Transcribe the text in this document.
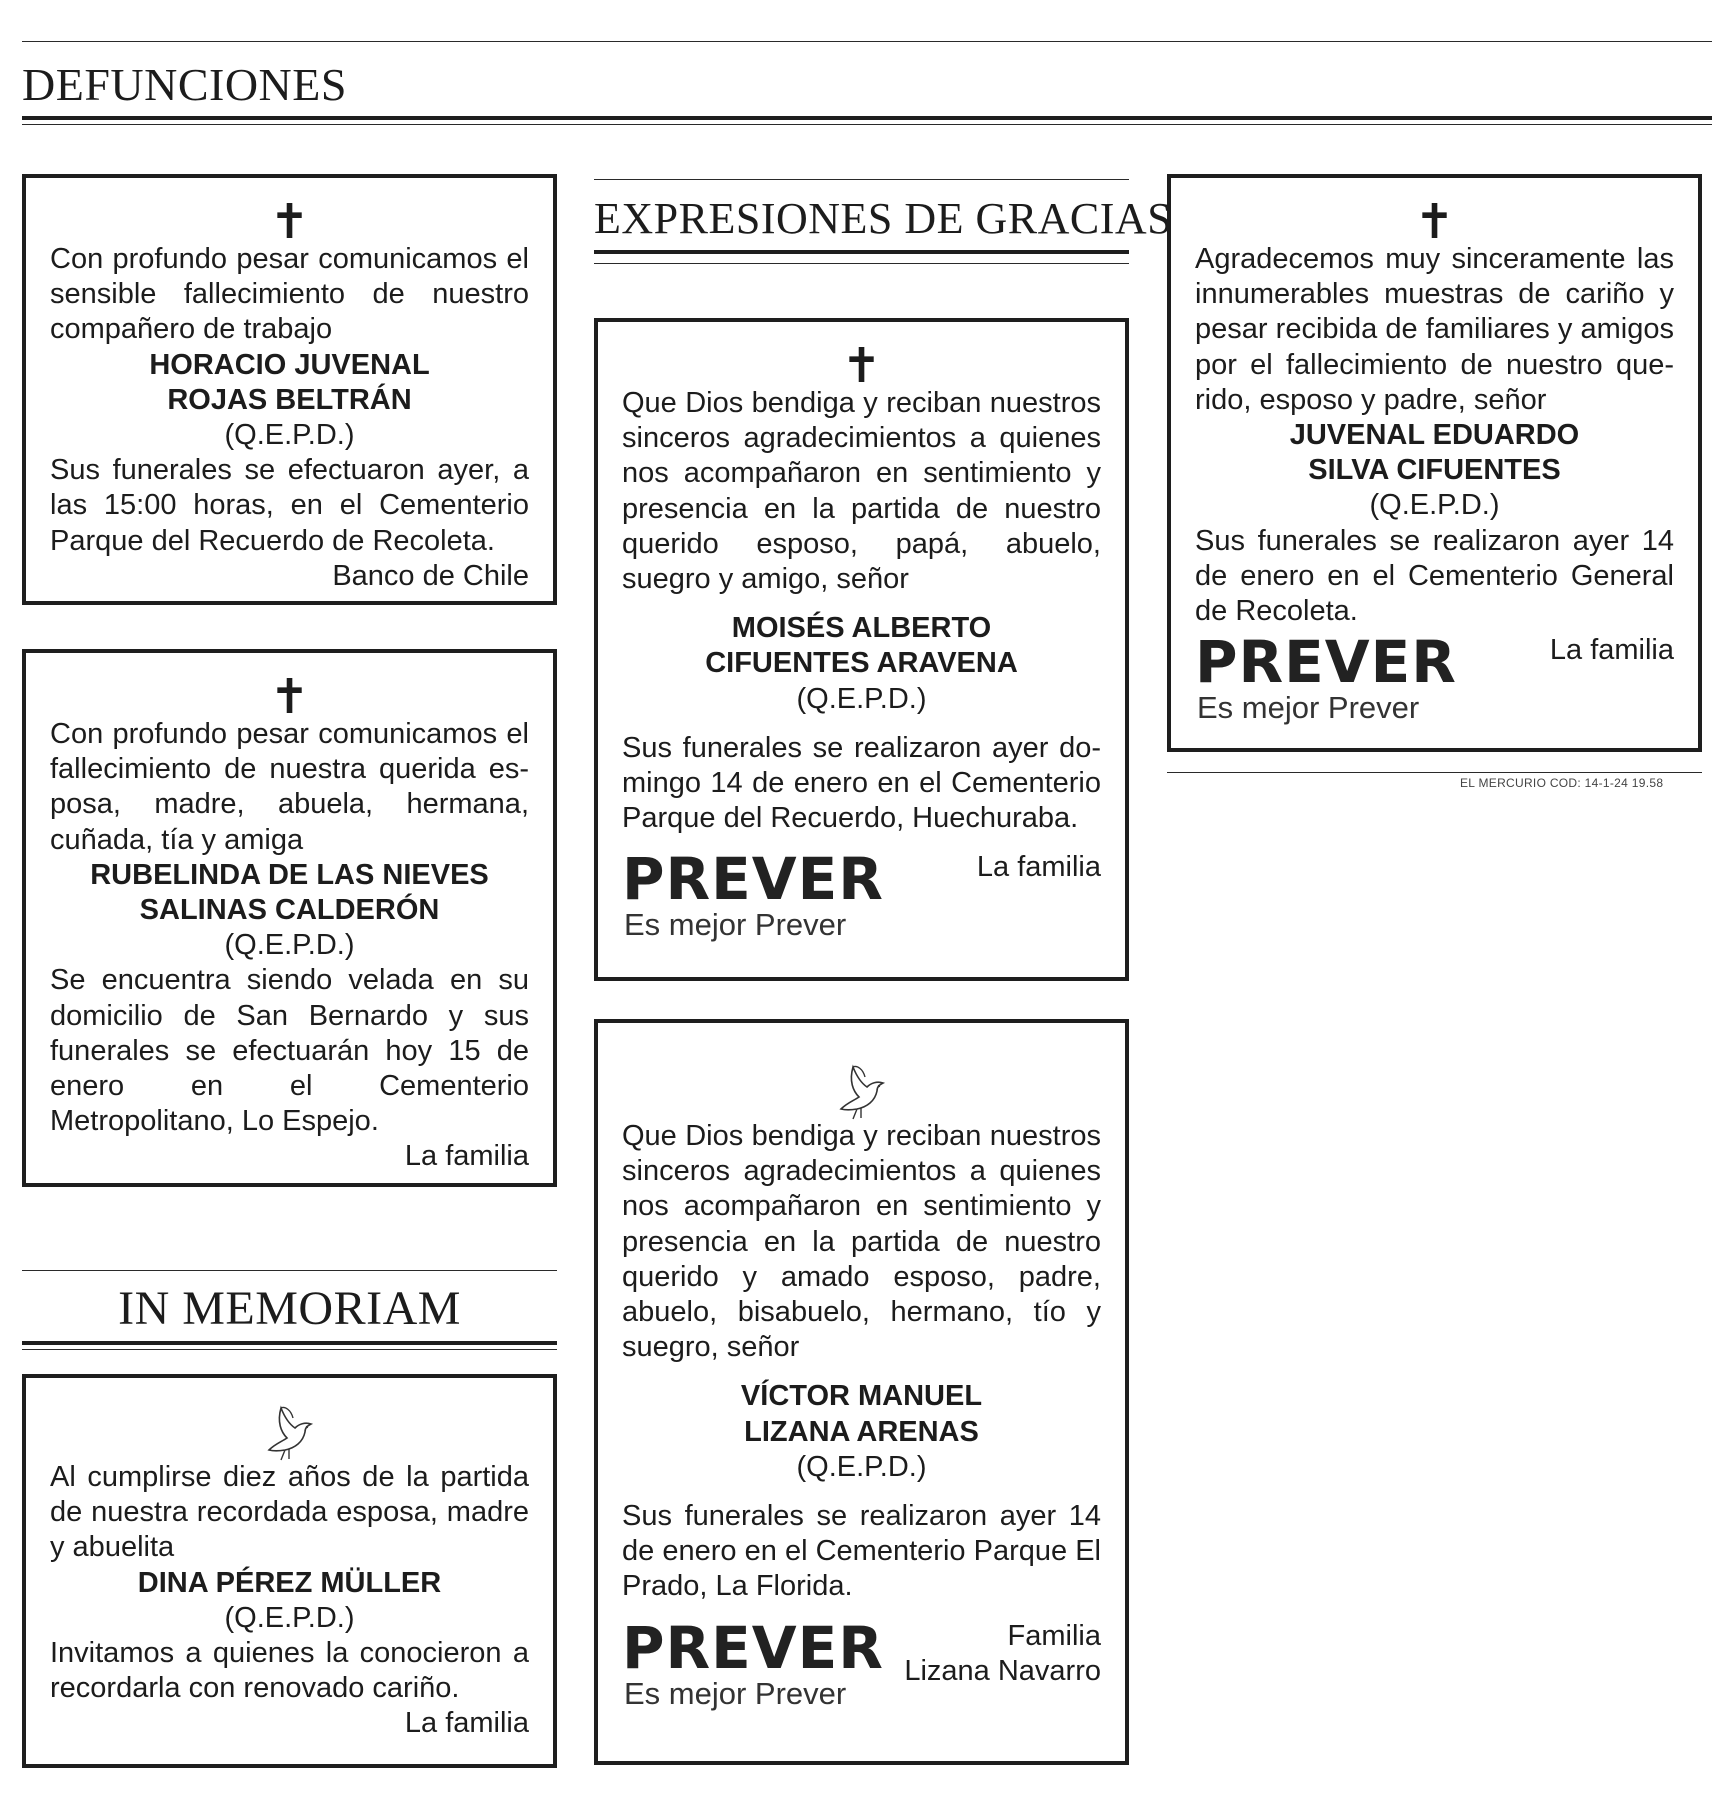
DEFUNCIONES
✝

Con profundo pesar comunicamos el sensible fallecimiento de nuestro compañero de trabajo

HORACIO JUVENAL

ROJAS BELTRÁN

(Q.E.P.D.)

Sus funerales se efectuaron ayer, a las 15:00 horas, en el Cementerio Parque del Recuerdo de Recoleta.

Banco de Chile

✝

Con profundo pesar comunicamos el fallecimiento de nuestra querida esposa, madre, abuela, hermana, cuñada, tía y amiga

RUBELINDA DE LAS NIEVES

SALINAS CALDERÓN

(Q.E.P.D.)

Se encuentra siendo velada en su domicilio de San Bernardo y sus funerales se efectuarán hoy 15 de enero en el Cementerio Metropolitano, Lo Espejo.

La familia

IN MEMORIAM

Al cumplirse diez años de la partida de nuestra recordada esposa, madre y abuelita

DINA PÉREZ MÜLLER

(Q.E.P.D.)

Invitamos a quienes la conocieron a recordarla con renovado cariño.

La familia

EXPRESIONES DE GRACIAS
✝

Que Dios bendiga y reciban nuestros sinceros agradecimientos a quienes nos acompañaron en sentimiento y presencia en la partida de nuestro querido esposo, papá, abuelo, suegro y amigo, señor

MOISÉS ALBERTO

CIFUENTES ARAVENA

(Q.E.P.D.)

Sus funerales se realizaron ayer domingo 14 de enero en el Cementerio Parque del Recuerdo, Huechuraba.

PREVER
Es mejor Prever
La familia

Que Dios bendiga y reciban nuestros sinceros agradecimientos a quienes nos acompañaron en sentimiento y presencia en la partida de nuestro querido y amado esposo, padre, abuelo, bisabuelo, hermano, tío y suegro, señor

VÍCTOR MANUEL

LIZANA ARENAS

(Q.E.P.D.)

Sus funerales se realizaron ayer 14 de enero en el Cementerio Parque El Prado, La Florida.

PREVER
Es mejor Prever
Familia
Lizana Navarro
✝

Agradecemos muy sinceramente las innumerables muestras de cariño y pesar recibida de familiares y amigos por el fallecimiento de nuestro querido, esposo y padre, señor

JUVENAL EDUARDO

SILVA CIFUENTES

(Q.E.P.D.)

Sus funerales se realizaron ayer 14 de enero en el Cementerio General de Recoleta.

PREVER
Es mejor Prever
La familia
EL MERCURIO COD: 14-1-24 19.58
